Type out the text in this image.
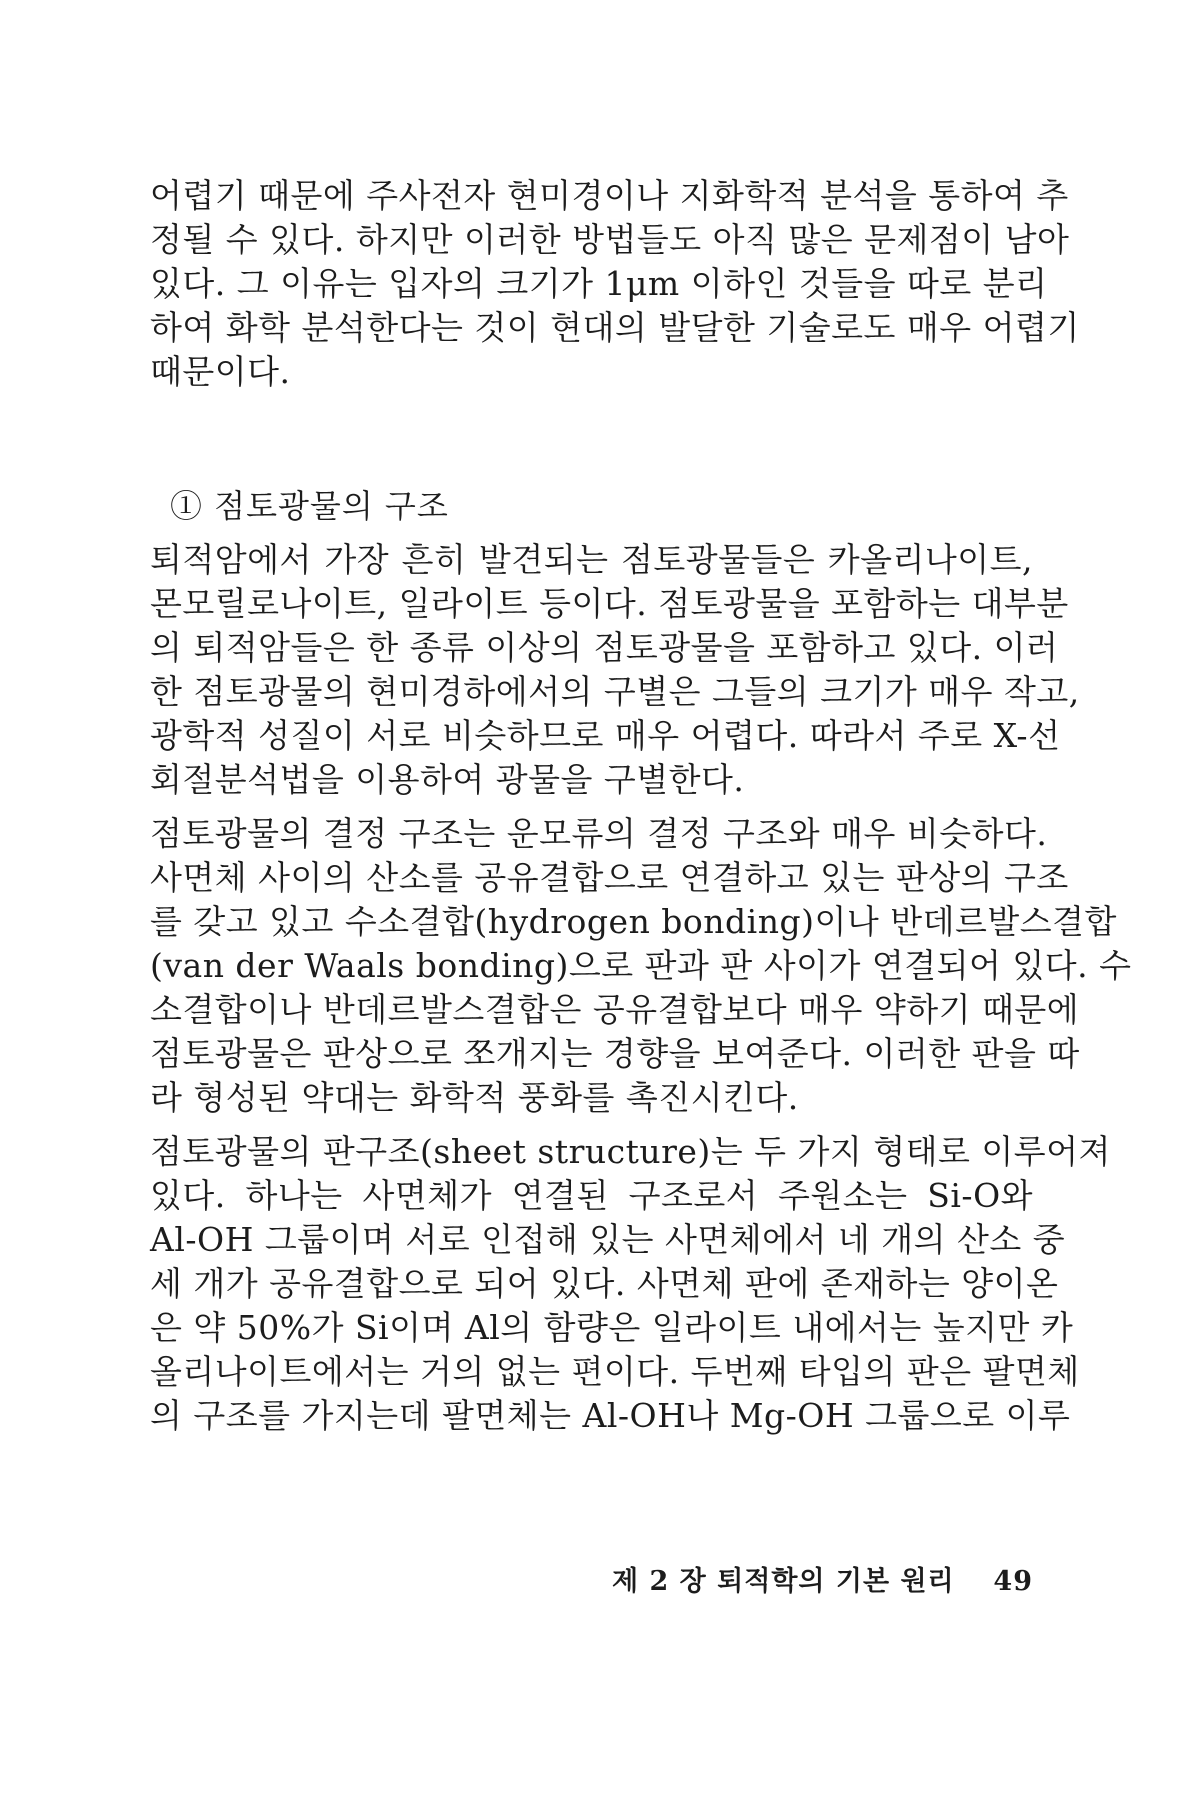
어렵기 때문에 주사전자 현미경이나 지화학적 분석을 통하여 추
정될 수 있다. 하지만 이러한 방법들도 아직 많은 문제점이 남아
있다. 그 이유는 입자의 크기가 1μm 이하인 것들을 따로 분리
하여 화학 분석한다는 것이 현대의 발달한 기술로도 매우 어렵기
때문이다.
① 점토광물의 구조
퇴적암에서 가장 흔히 발견되는 점토광물들은 카올리나이트,
몬모릴로나이트, 일라이트 등이다. 점토광물을 포함하는 대부분
의 퇴적암들은 한 종류 이상의 점토광물을 포함하고 있다. 이러
한 점토광물의 현미경하에서의 구별은 그들의 크기가 매우 작고,
광학적 성질이 서로 비슷하므로 매우 어렵다. 따라서 주로 X-선
회절분석법을 이용하여 광물을 구별한다.
점토광물의 결정 구조는 운모류의 결정 구조와 매우 비슷하다.
사면체 사이의 산소를 공유결합으로 연결하고 있는 판상의 구조
를 갖고 있고 수소결합(hydrogen bonding)이나 반데르발스결합
(van der Waals bonding)으로 판과 판 사이가 연결되어 있다. 수
소결합이나 반데르발스결합은 공유결합보다 매우 약하기 때문에
점토광물은 판상으로 쪼개지는 경향을 보여준다. 이러한 판을 따
라 형성된 약대는 화학적 풍화를 촉진시킨다.
점토광물의 판구조(sheet structure)는 두 가지 형태로 이루어져
있다. 하나는 사면체가 연결된 구조로서 주원소는 Si-O와
Al-OH 그룹이며 서로 인접해 있는 사면체에서 네 개의 산소 중
세 개가 공유결합으로 되어 있다. 사면체 판에 존재하는 양이온
은 약 50%가 Si이며 Al의 함량은 일라이트 내에서는 높지만 카
올리나이트에서는 거의 없는 편이다. 두번째 타입의 판은 팔면체
의 구조를 가지는데 팔면체는 Al-OH나 Mg-OH 그룹으로 이루
제 2 장 퇴적학의 기본 원리 49
